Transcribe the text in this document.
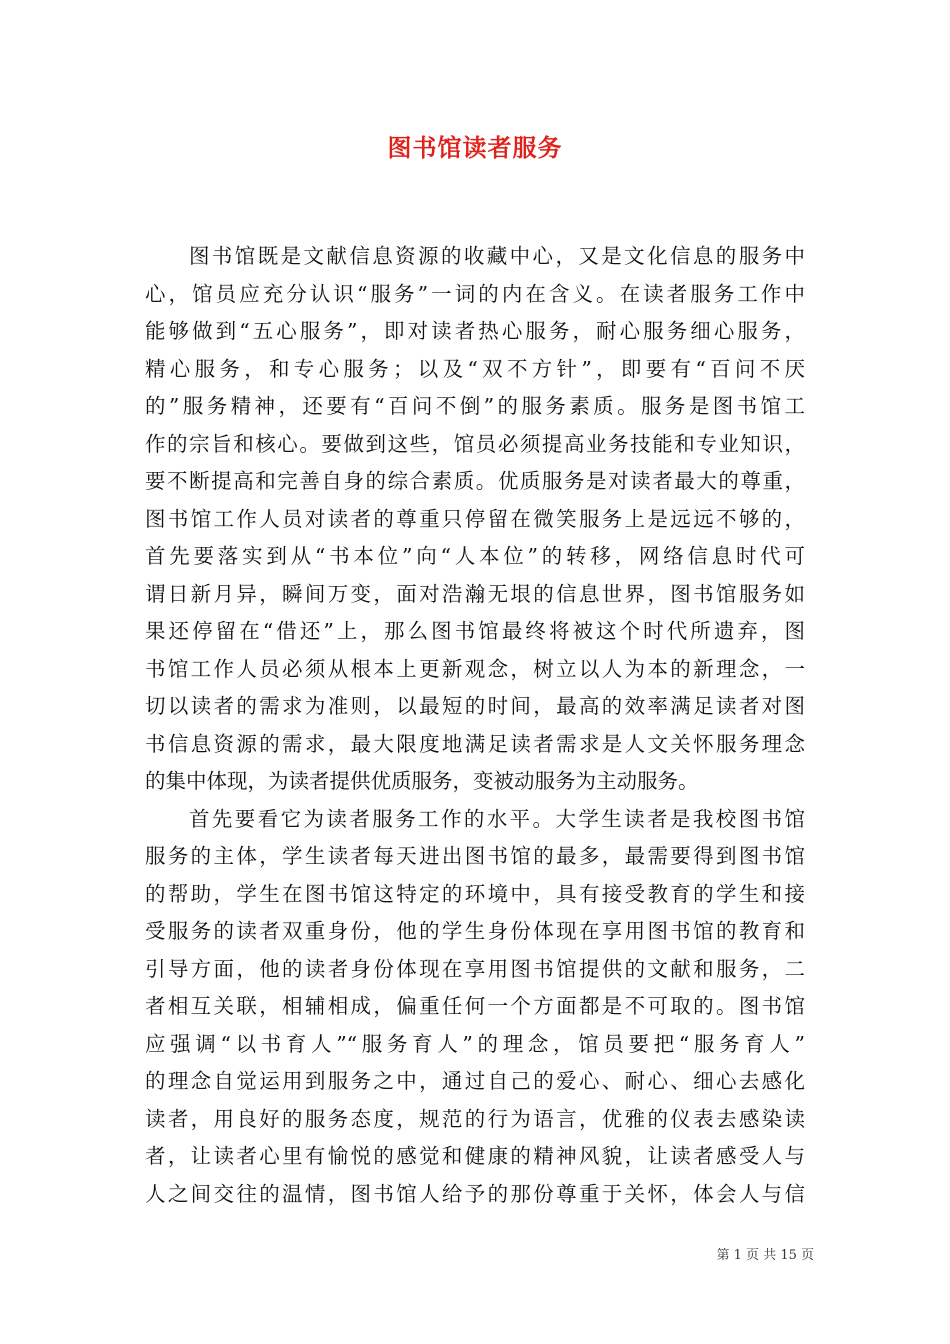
图书馆读者服务
图书馆既是文献信息资源的收藏中心，又是文化信息的服务中
心，馆员应充分认识“服务”一词的内在含义。在读者服务工作中
能够做到“五心服务”，即对读者热心服务，耐心服务细心服务，
精心服务，和专心服务；以及“双不方针”，即要有“百问不厌
的”服务精神，还要有“百问不倒”的服务素质。服务是图书馆工
作的宗旨和核心。要做到这些，馆员必须提高业务技能和专业知识，
要不断提高和完善自身的综合素质。优质服务是对读者最大的尊重，
图书馆工作人员对读者的尊重只停留在微笑服务上是远远不够的，
首先要落实到从“书本位”向“人本位”的转移，网络信息时代可
谓日新月异，瞬间万变，面对浩瀚无垠的信息世界，图书馆服务如
果还停留在“借还”上，那么图书馆最终将被这个时代所遗弃，图
书馆工作人员必须从根本上更新观念，树立以人为本的新理念，一
切以读者的需求为准则，以最短的时间，最高的效率满足读者对图
书信息资源的需求，最大限度地满足读者需求是人文关怀服务理念
的集中体现，为读者提供优质服务，变被动服务为主动服务。
首先要看它为读者服务工作的水平。大学生读者是我校图书馆
服务的主体，学生读者每天进出图书馆的最多，最需要得到图书馆
的帮助，学生在图书馆这特定的环境中，具有接受教育的学生和接
受服务的读者双重身份，他的学生身份体现在享用图书馆的教育和
引导方面，他的读者身份体现在享用图书馆提供的文献和服务，二
者相互关联，相辅相成，偏重任何一个方面都是不可取的。图书馆
应强调“以书育人”“服务育人”的理念，馆员要把“服务育人”
的理念自觉运用到服务之中，通过自己的爱心、耐心、细心去感化
读者，用良好的服务态度，规范的行为语言，优雅的仪表去感染读
者，让读者心里有愉悦的感觉和健康的精神风貌，让读者感受人与
人之间交往的温情，图书馆人给予的那份尊重于关怀，体会人与信
第 1 页 共 15 页
